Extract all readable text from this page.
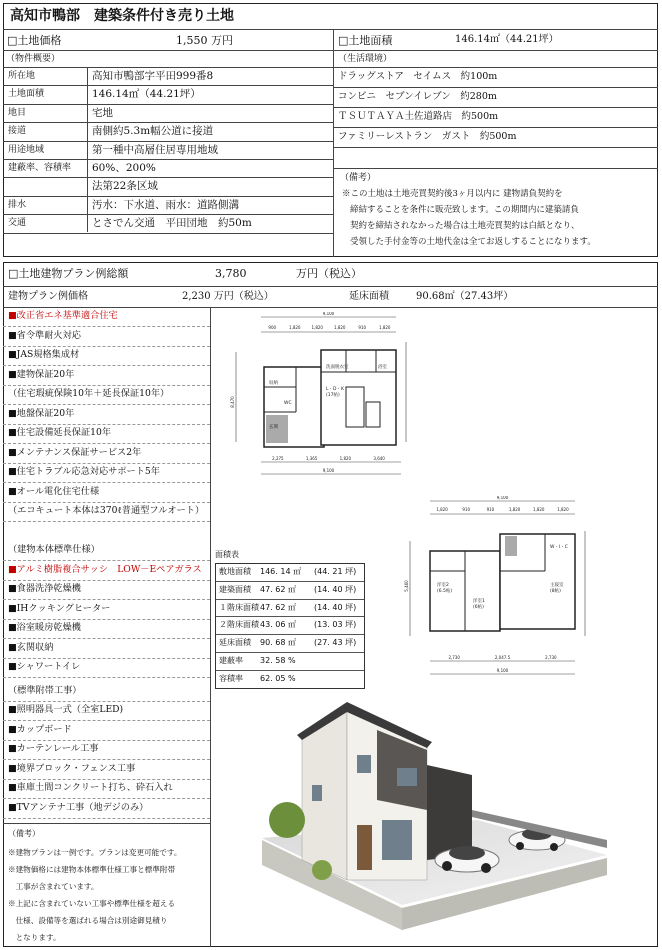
高知市鴨部　建築条件付き売り土地
□土地価格	1,550 万円	□土地面積	146.14㎡（44.21坪）
（物件概要）
所在地	高知市鴨部字平田999番8
土地面積	146.14㎡（44.21坪）
地目	宅地
接道	南側約5.3m幅公道に接道
用途地域	第一種中高層住居専用地域
建蔽率、容積率 60%、200%
法第22条区域
排水	汚水：下水道、雨水：道路側溝
交通	とさでん交通　平田団地　約50m
（生活環境）
ドラッグストア　セイムス　約100m
コンビニ　セブンイレブン　約280m
ＴＳＵＴＡＹＡ土佐道路店　約500m
ファミリーレストラン　ガスト　約500m
（備考）
※この土地は土地売買契約後3ヶ月以内に 建物請負契約を
締結することを条件に販売致します。この期間内に建築請負
契約を締結されなかった場合は土地売買契約は白紙となり、
受領した手付金等の土地代金は全てお返しすることになります。
□土地建物プラン例総額	3,780	万円（税込）
建物プラン例価格	2,230 万円（税込）	延床面積	90.68㎡（27.43坪）
■改正省エネ基準適合住宅
■省令準耐火対応
■JAS規格集成材
■建物保証20年
（住宅瑕疵保険10年＋延長保証10年）
■地盤保証20年
■住宅設備延長保証10年
■メンテナンス保証サービス2年
■住宅トラブル応急対応サポート5年
■オール電化住宅仕様
（エコキュート本体は370ℓ普通型フルオート）
（建物本体標準仕様）
■アルミ樹脂複合サッシ　LOW－Eペアガラス
■食器洗浄乾燥機
■IHクッキングヒーター
■浴室暖房乾燥機
■玄関収納
■シャワートイレ
（標準附帯工事）
■照明器具一式（全室LED)
■カップボード
■カーテンレール工事
■境界ブロック・フェンス工事
■車庫土間コンクリート打ち、砕石入れ
■TVアンテナ工事（地デジのみ）
（備考）
※建物プランは一例です。プランは変更可能です。
※建物価格には建物本体標準仕様工事と標準附帯
　工事が含まれています。
※上記に含まれていない工事や標準仕様を超える
　仕様、設備等を選ばれる場合は別途御見積り
　となります。
面積表
敷地面積 146. 14 ㎡ (44. 21 坪)
建築面積 47. 62 ㎡ (14. 40 坪)
１階床面積 47. 62 ㎡ (14. 40 坪)
２階床面積 43. 06 ㎡ (13. 03 坪)
延床面積 90. 68 ㎡ (27. 43 坪)
建蔽率 32. 58 %
容積率 62. 05 %
洗面脱衣室	浴室
玄関
収納
L・D・K
(17帖)
WC
9,100
900	1,820	1,820	1,820	910	1,820
2,275	1,365	1,820	3,640
9,100
8,470
洋室2
(6.5帖)
洋室1
(6帖)
主寝室
(8帖)
W・I・C
9,100
1,820	910	910	1,820	1,820	1,820
2,730	2,047.5	2,730
9,100
5,460
